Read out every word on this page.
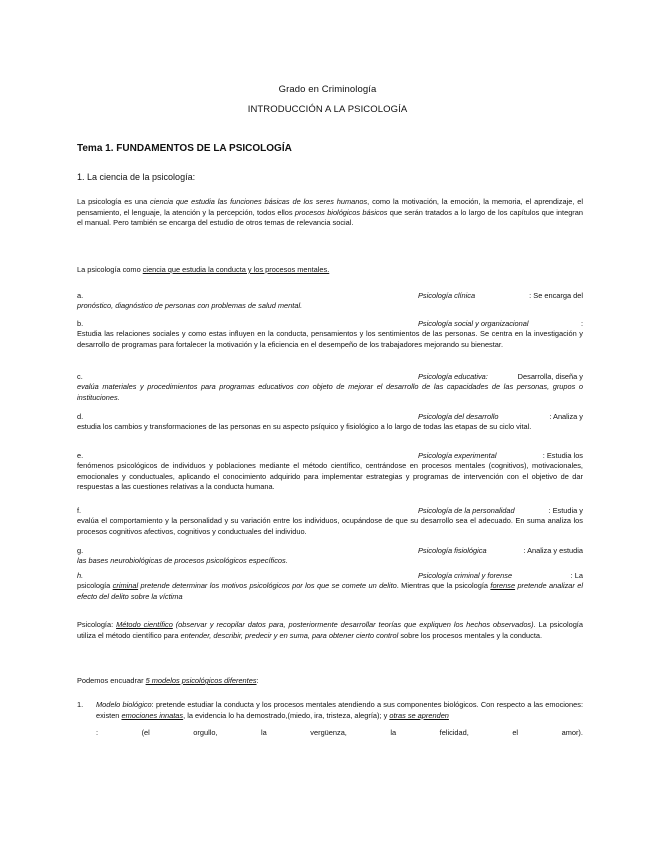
Grado en Criminología
INTRODUCCIÓN A LA PSICOLOGÍA
Tema 1. FUNDAMENTOS DE LA PSICOLOGÍA
1. La ciencia de la psicología:
La psicología es una ciencia que estudia las funciones básicas de los seres humanos, como la motivación, la emoción, la memoria, el aprendizaje, el pensamiento, el lenguaje, la atención y la percepción, todos ellos procesos biológicos básicos que serán tratados a lo largo de los capítulos que integran el manual. Pero también se encarga del estudio de otros temas de relevancia social.
La psicología como ciencia que estudia la conducta y los procesos mentales.
a.	Psicología clínica	: Se encarga del
pronóstico, diagnóstico de personas con problemas de salud mental.
b.	Psicología social y organizacional	:
Estudia las relaciones sociales y como estas influyen en la conducta, pensamientos y los sentimientos de las personas. Se centra en la investigación y desarrollo de programas para fortalecer la motivación y la eficiencia en el desempeño de los trabajadores mejorando su bienestar.
c.	Psicología educativa:	Desarrolla, diseña y
evalúa materiales y procedimientos para programas educativos con objeto de mejorar el desarrollo de las capacidades de las personas, grupos o instituciones.
d.	Psicología del desarrollo	: Analiza y
estudia los cambios y transformaciones de las personas en su aspecto psíquico y fisiológico a lo largo de todas las etapas de su ciclo vital.
e.	Psicología experimental	: Estudia los
fenómenos psicológicos de individuos y poblaciones mediante el método científico, centrándose en procesos mentales (cognitivos), motivacionales, emocionales y conductuales, aplicando el conocimiento adquirido para implementar estrategias y programas de intervención con el objetivo de dar respuestas a las cuestiones relativas a la conducta humana.
f.	Psicología de la personalidad	: Estudia y
evalúa el comportamiento y la personalidad y su variación entre los individuos, ocupándose de que su desarrollo sea el adecuado. En suma analiza los procesos cognitivos afectivos, cognitivos y conductuales del individuo.
g.	Psicología fisiológica	: Analiza y estudia
las bases neurobiológicas de procesos psicológicos específicos.
h.	Psicología criminal y forense	: La
psicología criminal pretende determinar los motivos psicológicos por los que se comete un delito. Mientras que la psicología forense pretende analizar el efecto del delito sobre la víctima
Psicología: Método científico (observar y recopilar datos para, posteriormente desarrollar teorías que expliquen los hechos observados). La psicología utiliza el método científico para entender, describir, predecir y en suma, para obtener cierto control sobre los procesos mentales y la conducta.
Podemos encuadrar 5 modelos psicológicos diferentes:
1.	Modelo biológico: pretende estudiar la conducta y los procesos mentales atendiendo a sus componentes biológicos. Con respecto a las emociones: existen emociones innatas, la evidencia lo ha demostrado,(miedo, ira, tristeza, alegría); y otras se aprenden
:	(el	orgullo,	la	vergüenza,	la	felicidad,	el	amor).
